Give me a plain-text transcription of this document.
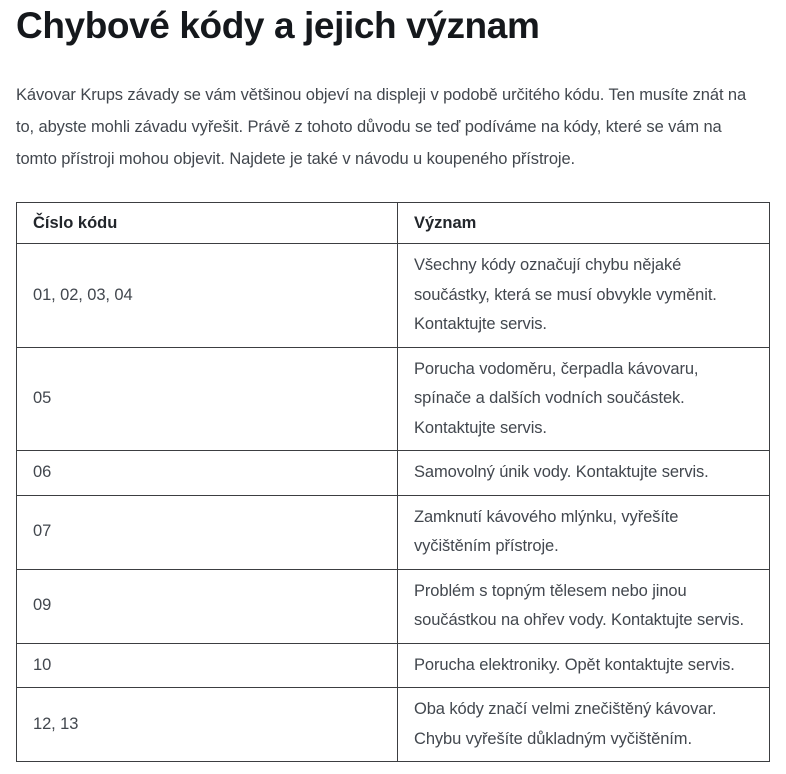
Chybové kódy a jejich význam

Kávovar Krups závady se vám většinou objeví na displeji v podobě určitého kódu. Ten musíte znát na to, abyste mohli závadu vyřešit. Právě z tohoto důvodu se teď podíváme na kódy, které se vám na tomto přístroji mohou objevit. Najdete je také v návodu u koupeného přístroje.

Číslo kódu	Význam
01, 02, 03, 04	Všechny kódy označují chybu nějaké
součástky, která se musí obvykle vyměnit.
Kontaktujte servis.

05	Porucha vodoměru, čerpadla kávovaru,
spínače a dalších vodních součástek.
Kontaktujte servis.

06	Samovolný únik vody. Kontaktujte servis.

07	Zamknutí kávového mlýnku, vyřešíte
vyčištěním přístroje.

09	Problém s topným tělesem nebo jinou
součástkou na ohřev vody. Kontaktujte servis.

10	Porucha elektroniky. Opět kontaktujte servis.

12, 13	Oba kódy značí velmi znečištěný kávovar.
Chybu vyřešíte důkladným vyčištěním.
